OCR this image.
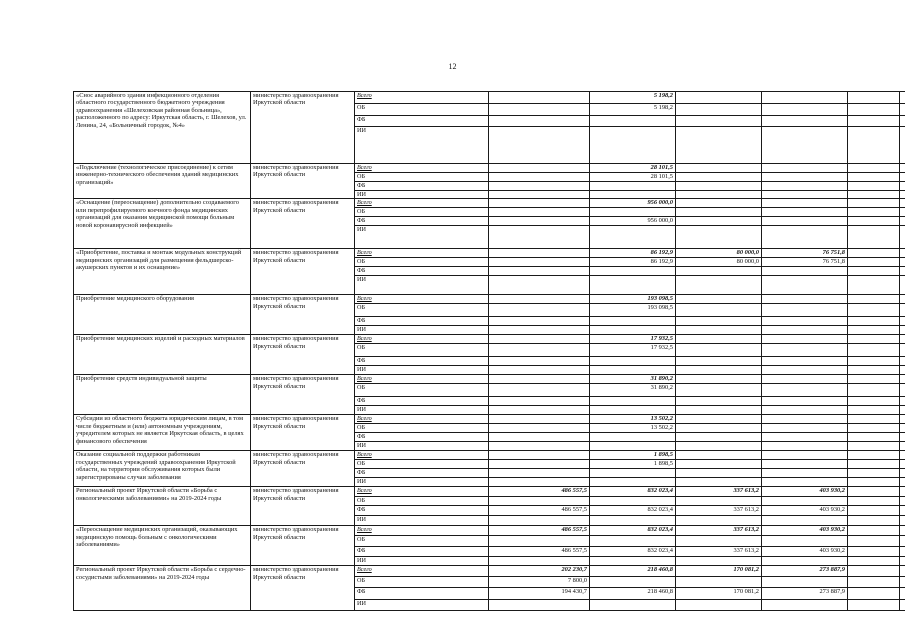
12
«Снос аварийного здания инфекционного отделения областного государственного бюджетного учреждения здравоохранения «Шелеховская районная больница», расположенного по адресу: Иркутская область, г. Шелехов, ул. Ленина, 24, «Больничный городок, №4»	министерство здравоохранения Иркутской области	Всего		5 198,2				
		ОБ		5 198,2				
		ФБ						
		ИИ						
«Подключение (технологическое присоединение) к сетям инженерно-технического обеспечения зданий медицинских организаций»	министерство здравоохранения Иркутской области	Всего		28 101,5				
		ОБ		28 101,5				
		ФБ						
		ИИ						
«Оснащение (переоснащение) дополнительно создаваемого или перепрофилируемого коечного фонда медицинских организаций для оказания медицинской помощи больным новой коронавирусной инфекцией»	министерство здравоохранения Иркутской области	Всего		956 000,0				
		ОБ						
		ФБ		956 000,0				
		ИИ						
«Приобретение, поставка и монтаж модульных конструкций медицинских организаций для размещения фельдшерско-акушерских пунктов и их оснащение»	министерство здравоохранения Иркутской области	Всего		86 192,9	80 000,0	76 751,8		
		ОБ		86 192,9	80 000,0	76 751,8		
		ФБ						
		ИИ						
Приобретение медицинского оборудования	министерство здравоохранения Иркутской области	Всего		193 098,5				
		ОБ		193 098,5				
		ФБ						
		ИИ						
Приобретение медицинских изделий и расходных материалов	министерство здравоохранения Иркутской области	Всего		17 932,5				
		ОБ		17 932,5				
		ФБ						
		ИИ						
Приобретение средств индивидуальной защиты	министерство здравоохранения Иркутской области	Всего		31 890,2				
		ОБ		31 890,2				
		ФБ						
		ИИ						
Субсидии из областного бюджета юридическим лицам, в том числе бюджетным и (или) автономным учреждениям, учредителем которых не является Иркутская область, в целях финансового обеспечения	министерство здравоохранения Иркутской области	Всего		13 502,2				
		ОБ		13 502,2				
		ФБ						
		ИИ						
Оказание социальной поддержки работникам государственных учреждений здравоохранения Иркутской области, на территории обслуживания которых были зарегистрированы случаи заболевания	министерство здравоохранения Иркутской области	Всего		1 898,5				
		ОБ		1 898,5				
		ФБ						
		ИИ						
Региональный проект Иркутской области «Борьба с онкологическими заболеваниями» на 2019-2024 годы	министерство здравоохранения Иркутской области	Всего	486 557,5	832 023,4	337 613,2	403 930,2		
		ОБ						
		ФБ	486 557,5	832 023,4	337 613,2	403 930,2		
		ИИ						
«Переоснащение медицинских организаций, оказывающих медицинскую помощь больным с онкологическими заболеваниями»	министерство здравоохранения Иркутской области	Всего	486 557,5	832 023,4	337 613,2	403 930,2		
		ОБ						
		ФБ	486 557,5	832 023,4	337 613,2	403 930,2		
		ИИ						
Региональный проект Иркутской области «Борьба с сердечно-сосудистыми заболеваниями» на 2019-2024 годы	министерство здравоохранения Иркутской области	Всего	202 230,7	218 460,8	170 081,2	273 887,9		
		ОБ	7 800,0					
		ФБ	194 430,7	218 460,8	170 081,2	273 887,9		
		ИИ						
